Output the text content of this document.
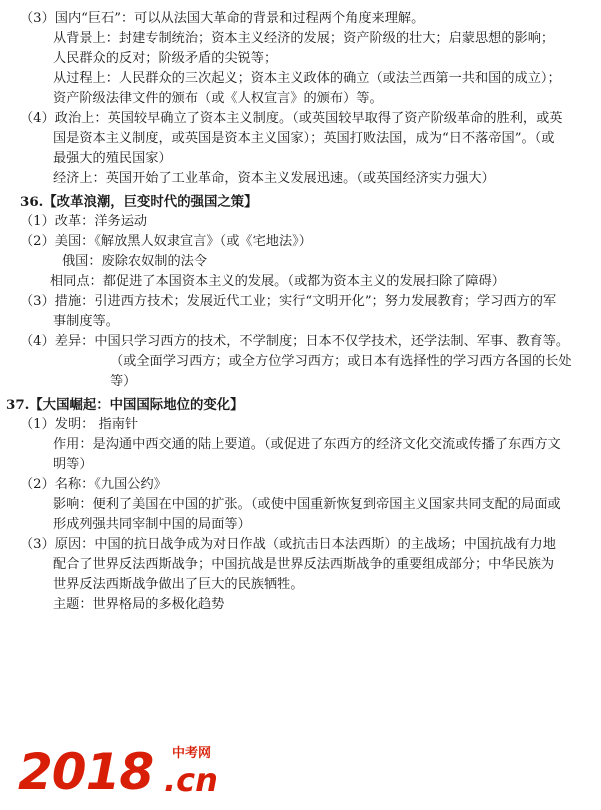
（3）国内“巨石”：可以从法国大革命的背景和过程两个角度来理解。
从背景上：封建专制统治；资本主义经济的发展；资产阶级的壮大；启蒙思想的影响；
人民群众的反对；阶级矛盾的尖锐等；
从过程上：人民群众的三次起义；资本主义政体的确立（或法兰西第一共和国的成立）；
资产阶级法律文件的颁布（或《人权宣言》的颁布）等。
（4）政治上：英国较早确立了资本主义制度。（或英国较早取得了资产阶级革命的胜利，或英
国是资本主义制度，或英国是资本主义国家）；英国打败法国，成为“日不落帝国”。（或
最强大的殖民国家）
经济上：英国开始了工业革命，资本主义发展迅速。（或英国经济实力强大）
36.【改革浪潮，巨变时代的强国之策】
（1）改革：洋务运动
（2）美国：《解放黑人奴隶宣言》（或《宅地法》）
俄国：废除农奴制的法令
相同点：都促进了本国资本主义的发展。（或都为资本主义的发展扫除了障碍）
（3）措施：引进西方技术；发展近代工业；实行“文明开化”；努力发展教育；学习西方的军
事制度等。
（4）差异：中国只学习西方的技术，不学制度；日本不仅学技术，还学法制、军事、教育等。
（或全面学习西方；或全方位学习西方；或日本有选择性的学习西方各国的长处
等）
37.【大国崛起：中国国际地位的变化】
（1）发明： 指南针
作用：是沟通中西交通的陆上要道。（或促进了东西方的经济文化交流或传播了东西方文
明等）
（2）名称：《九国公约》
影响：便利了美国在中国的扩张。（或使中国重新恢复到帝国主义国家共同支配的局面或
形成列强共同宰制中国的局面等）
（3）原因：中国的抗日战争成为对日作战（或抗击日本法西斯）的主战场；中国抗战有力地
配合了世界反法西斯战争；中国抗战是世界反法西斯战争的重要组成部分；中华民族为
世界反法西斯战争做出了巨大的民族牺牲。
主题：世界格局的多极化趋势
2018 中考网
.cn
